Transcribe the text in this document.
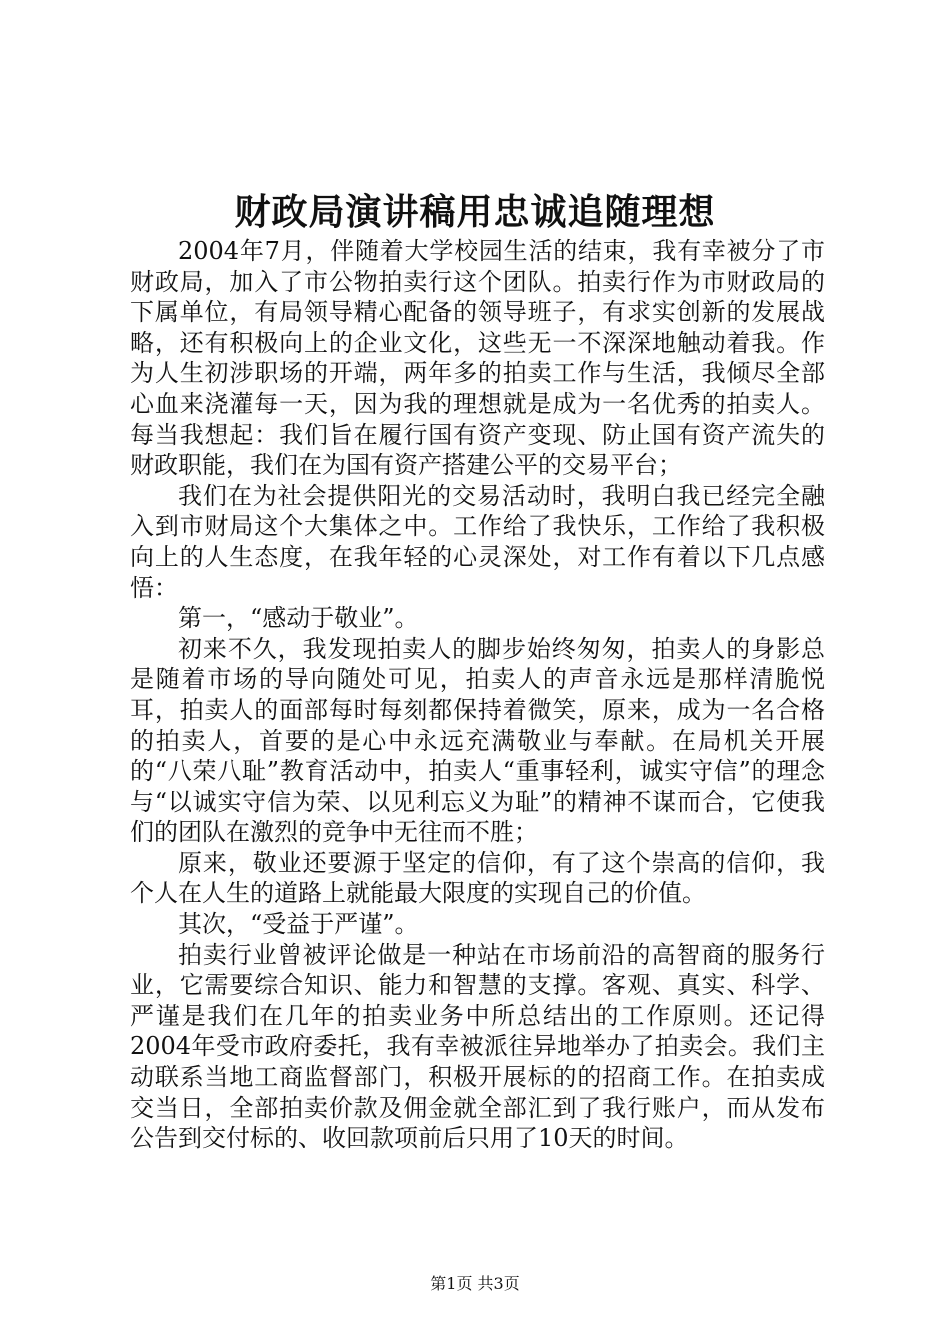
财政局演讲稿用忠诚追随理想

2004年7月，伴随着大学校园生活的结束，我有幸被分了市财政局，加入了市公物拍卖行这个团队。拍卖行作为市财政局的下属单位，有局领导精心配备的领导班子，有求实创新的发展战略，还有积极向上的企业文化，这些无一不深深地触动着我。作为人生初涉职场的开端，两年多的拍卖工作与生活，我倾尽全部心血来浇灌每一天，因为我的理想就是成为一名优秀的拍卖人。每当我想起：我们旨在履行国有资产变现、防止国有资产流失的财政职能，我们在为国有资产搭建公平的交易平台；

我们在为社会提供阳光的交易活动时，我明白我已经完全融入到市财局这个大集体之中。工作给了我快乐，工作给了我积极向上的人生态度，在我年轻的心灵深处，对工作有着以下几点感悟：

第一，“感动于敬业”。

初来不久，我发现拍卖人的脚步始终匆匆，拍卖人的身影总是随着市场的导向随处可见，拍卖人的声音永远是那样清脆悦耳，拍卖人的面部每时每刻都保持着微笑，原来，成为一名合格的拍卖人，首要的是心中永远充满敬业与奉献。在局机关开展的“八荣八耻”教育活动中，拍卖人“重事轻利，诚实守信”的理念与“以诚实守信为荣、以见利忘义为耻”的精神不谋而合，它使我们的团队在激烈的竞争中无往而不胜；

原来，敬业还要源于坚定的信仰，有了这个崇高的信仰，我个人在人生的道路上就能最大限度的实现自己的价值。

其次，“受益于严谨”。

拍卖行业曾被评论做是一种站在市场前沿的高智商的服务行业，它需要综合知识、能力和智慧的支撑。客观、真实、科学、严谨是我们在几年的拍卖业务中所总结出的工作原则。还记得2004年受市政府委托，我有幸被派往异地举办了拍卖会。我们主动联系当地工商监督部门，积极开展标的的招商工作。在拍卖成交当日，全部拍卖价款及佣金就全部汇到了我行账户，而从发布公告到交付标的、收回款项前后只用了10天的时间。

第1页 共3页
